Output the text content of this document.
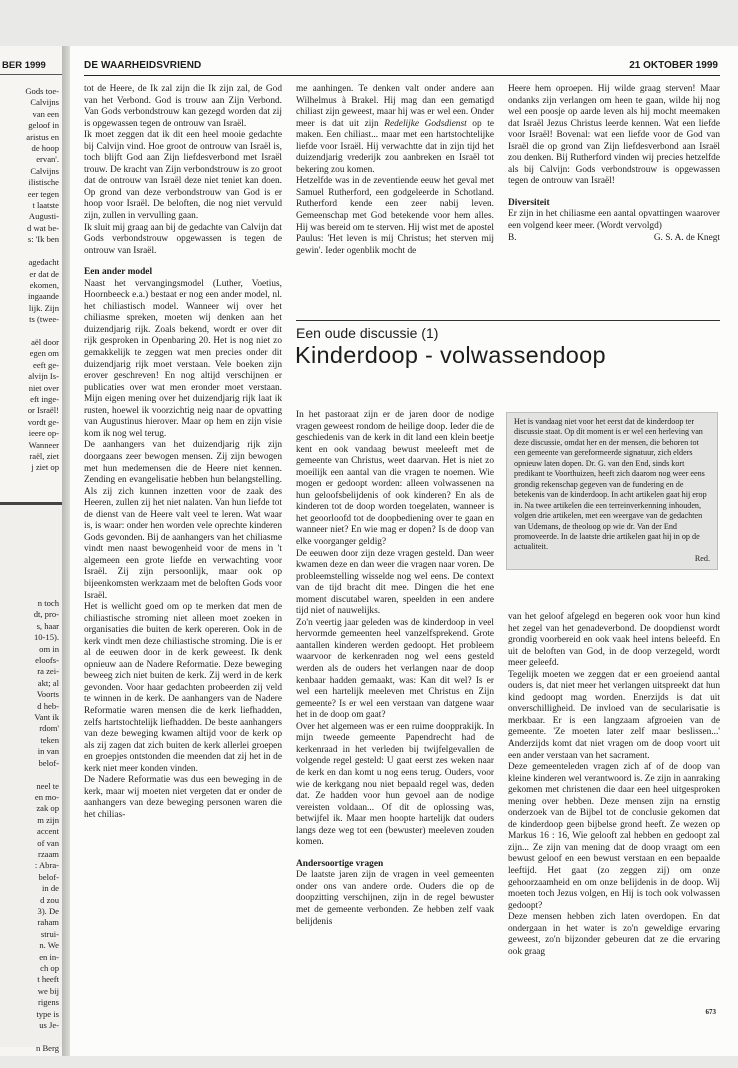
BER 1999
Gods toe-
Calvijns
van een
geloof in
aristus en
de hoop
ervan'.
Calvijns
ilistische
eer tegen
t laatste
Augusti-
d wat be-
s: 'Ik ben

agedacht
er dat de
ekomen,
ingaande
lijk. Zijn
ts (twee-

aël door
egen om
eeft ge-
alvijn Is-
niet over
eft inge-
or Israël!
vordt ge-
ieere op-
Wanneer
raël, ziet
j ziet op
n toch
dt, pro-
s, haar
10-15).
om in
eloofs-
ra zei-
akt; al
Voorts
d heb-
Vant ik
rdom'
teken
in van
belof-

neel te
en mo-
zak op
m zijn
accent
of van
rzaam
: Abra-
belof-
in de
d zou
3). De
raham
strui-
n. We
en in-
ch op
t heeft
we bij
rigens
type is
us Je-

n Berg
DE WAARHEIDSVRIEND	21 OKTOBER 1999

tot de Heere, de Ik zal zijn die Ik zijn zal, de God van het Verbond. God is trouw aan Zijn Verbond. Van Gods verbondstrouw kan gezegd worden dat zij is opgewassen tegen de ontrouw van Israël.

Ik moet zeggen dat ik dit een heel mooie gedachte bij Calvijn vind. Hoe groot de ontrouw van Israël is, toch blijft God aan Zijn liefdesverbond met Israël trouw. De kracht van Zijn verbondstrouw is zo groot dat de ontrouw van Israël deze niet teniet kan doen. Op grond van deze verbondstrouw van God is er hoop voor Israël. De beloften, die nog niet vervuld zijn, zullen in vervulling gaan.

Ik sluit mij graag aan bij de gedachte van Calvijn dat Gods verbondstrouw opgewassen is tegen de ontrouw van Israël.

Een ander model

Naast het vervangingsmodel (Luther, Voetius, Hoornbeeck e.a.) bestaat er nog een ander model, nl. het chiliastisch model. Wanneer wij over het chiliasme spreken, moeten wij denken aan het duizendjarig rijk. Zoals bekend, wordt er over dit rijk gesproken in Openbaring 20. Het is nog niet zo gemakkelijk te zeggen wat men precies onder dit duizendjarig rijk moet verstaan. Vele boeken zijn erover geschreven! En nog altijd verschijnen er publicaties over wat men eronder moet verstaan. Mijn eigen mening over het duizendjarig rijk laat ik rusten, hoewel ik voorzichtig neig naar de opvatting van Augustinus hierover. Maar op hem en zijn visie kom ik nog wel terug.

De aanhangers van het duizendjarig rijk zijn doorgaans zeer bewogen mensen. Zij zijn bewogen met hun medemensen die de Heere niet kennen. Zending en evangelisatie hebben hun belangstelling. Als zij zich kunnen inzetten voor de zaak des Heeren, zullen zij het niet nalaten. Van hun liefde tot de dienst van de Heere valt veel te leren. Wat waar is, is waar: onder hen worden vele oprechte kinderen Gods gevonden. Bij de aanhangers van het chiliasme vindt men naast bewogenheid voor de mens in 't algemeen een grote liefde en verwachting voor Israël. Zij zijn persoonlijk, maar ook op bijeenkomsten werkzaam met de beloften Gods voor Israël.

Het is wellicht goed om op te merken dat men de chiliastische stroming niet alleen moet zoeken in organisaties die buiten de kerk opereren. Ook in de kerk vindt men deze chiliastische stroming. Die is er al de eeuwen door in de kerk geweest. Ik denk opnieuw aan de Nadere Reformatie. Deze beweging beweeg zich niet buiten de kerk. Zij werd in de kerk gevonden. Voor haar gedachten probeerden zij veld te winnen in de kerk. De aanhangers van de Nadere Reformatie waren mensen die de kerk liefhadden, zelfs hartstochtelijk liefhadden. De beste aanhangers van deze beweging kwamen altijd voor de kerk op als zij zagen dat zich buiten de kerk allerlei groepen en groepjes ontstonden die meenden dat zij het in de kerk niet meer konden vinden.

De Nadere Reformatie was dus een beweging in de kerk, maar wij moeten niet vergeten dat er onder de aanhangers van deze beweging personen waren die het chilias-

me aanhingen. Te denken valt onder andere aan Wilhelmus à Brakel. Hij mag dan een gematigd chiliast zijn geweest, maar hij was er wel een. Onder meer is dat uit zijn Redelijke Godsdienst op te maken. Een chiliast... maar met een hartstochtelijke liefde voor Israël. Hij verwachtte dat in zijn tijd het duizendjarig vrederijk zou aanbreken en Israël tot bekering zou komen.

Hetzelfde was in de zeventiende eeuw het geval met Samuel Rutherford, een godgeleerde in Schotland. Rutherford kende een zeer nabij leven. Gemeenschap met God betekende voor hem alles. Hij was bereid om te sterven. Hij wist met de apostel Paulus: 'Het leven is mij Christus; het sterven mij gewin'. Ieder ogenblik mocht de

Heere hem oproepen. Hij wilde graag sterven! Maar ondanks zijn verlangen om heen te gaan, wilde hij nog wel een poosje op aarde leven als hij mocht meemaken dat Israël Jezus Christus leerde kennen. Wat een liefde voor Israël! Bovenal: wat een liefde voor de God van Israël die op grond van Zijn liefdesverbond aan Israël zou denken. Bij Rutherford vinden wij precies hetzelfde als bij Calvijn: Gods verbondstrouw is opgewassen tegen de ontrouw van Israël!

Diversiteit

Er zijn in het chiliasme een aantal opvattingen waarover een volgend keer meer. (Wordt vervolgd)

B.	G. S. A. de Knegt
Een oude discussie (1)
Kinderdoop - volwassendoop
Het is vandaag niet voor het eerst dat de kinderdoop ter discussie staat. Op dit moment is er wel een herleving van deze discussie, omdat her en der mensen, die behoren tot een gemeente van gereformeerde signatuur, zich elders opnieuw laten dopen. Dr. G. van den End, sinds kort predikant te Voorthuizen, heeft zich daarom nog weer eens grondig rekenschap gegeven van de fundering en de betekenis van de kinderdoop. In acht artikelen gaat hij erop in. Na twee artikelen die een terreinverkenning inhouden, volgen drie artikelen, met een weergave van de gedachten van Udemans, de theoloog op wie dr. Van der End promoveerde. In de laatste drie artikelen gaat hij in op de actualiteit.
Red.

In het pastoraat zijn er de jaren door de nodige vragen geweest rondom de heilige doop. Ieder die de geschiedenis van de kerk in dit land een klein beetje kent en ook vandaag bewust meeleeft met de gemeente van Christus, weet daarvan. Het is niet zo moeilijk een aantal van die vragen te noemen. Wie mogen er gedoopt worden: alleen volwassenen na hun geloofsbelijdenis of ook kinderen? En als de kinderen tot de doop worden toegelaten, wanneer is het geoorloofd tot de doopbediening over te gaan en wanneer niet? En wie mag er dopen? Is de doop van elke voorganger geldig?

De eeuwen door zijn deze vragen gesteld. Dan weer kwamen deze en dan weer die vragen naar voren. De probleemstelling wisselde nog wel eens. De context van de tijd bracht dit mee. Dingen die het ene moment discutabel waren, speelden in een andere tijd niet of nauwelijks.

Zo'n veertig jaar geleden was de kinderdoop in veel hervormde gemeenten heel vanzelfsprekend. Grote aantallen kinderen werden gedoopt. Het probleem waarvoor de kerkenraden nog wel eens gesteld werden als de ouders het verlangen naar de doop kenbaar hadden gemaakt, was: Kan dit wel? Is er wel een hartelijk meeleven met Christus en Zijn gemeente? Is er wel een verstaan van datgene waar het in de doop om gaat?

Over het algemeen was er een ruime doopprakijk. In mijn tweede gemeente Papendrecht had de kerkenraad in het verleden bij twijfelgevallen de volgende regel gesteld: U gaat eerst zes weken naar de kerk en dan komt u nog eens terug. Ouders, voor wie de kerkgang nou niet bepaald regel was, deden dat. Ze hadden voor hun gevoel aan de nodige vereisten voldaan... Of dit de oplossing was, betwijfel ik. Maar men hoopte hartelijk dat ouders langs deze weg tot een (bewuster) meeleven zouden komen.

Andersoortige vragen

De laatste jaren zijn de vragen in veel gemeenten onder ons van andere orde. Ouders die op de doopzitting verschijnen, zijn in de regel bewuster met de gemeente verbonden. Ze hebben zelf vaak belijdenis

van het geloof afgelegd en begeren ook voor hun kind het zegel van het genadeverbond. De doopdienst wordt grondig voorbereid en ook vaak heel intens beleefd. En uit de beloften van God, in de doop verzegeld, wordt meer geleefd.

Tegelijk moeten we zeggen dat er een groeiend aantal ouders is, dat niet meer het verlangen uitspreekt dat hun kind gedoopt mag worden. Enerzijds is dat uit onverschilligheid. De invloed van de secularisatie is merkbaar. Er is een langzaam afgroeien van de gemeente. 'Ze moeten later zelf maar beslissen...' Anderzijds komt dat niet vragen om de doop voort uit een ander verstaan van het sacrament.

Deze gemeenteleden vragen zich af of de doop van kleine kinderen wel verantwoord is. Ze zijn in aanraking gekomen met christenen die daar een heel uitgesproken mening over hebben. Deze mensen zijn na ernstig onderzoek van de Bijbel tot de conclusie gekomen dat de kinderdoop geen bijbelse grond heeft. Ze wezen op Markus 16 : 16, Wie gelooft zal hebben en gedoopt zal zijn... Ze zijn van mening dat de doop vraagt om een bewust geloof en een bewust verstaan en een bepaalde leeftijd. Het gaat (zo zeggen zij) om onze gehoorzaamheid en om onze belijdenis in de doop. Wij moeten toch Jezus volgen, en Hij is toch ook volwassen gedoopt?

Deze mensen hebben zich laten overdopen. En dat ondergaan in het water is zo'n geweldige ervaring geweest, zo'n bijzonder gebeuren dat ze die ervaring ook graag

673
